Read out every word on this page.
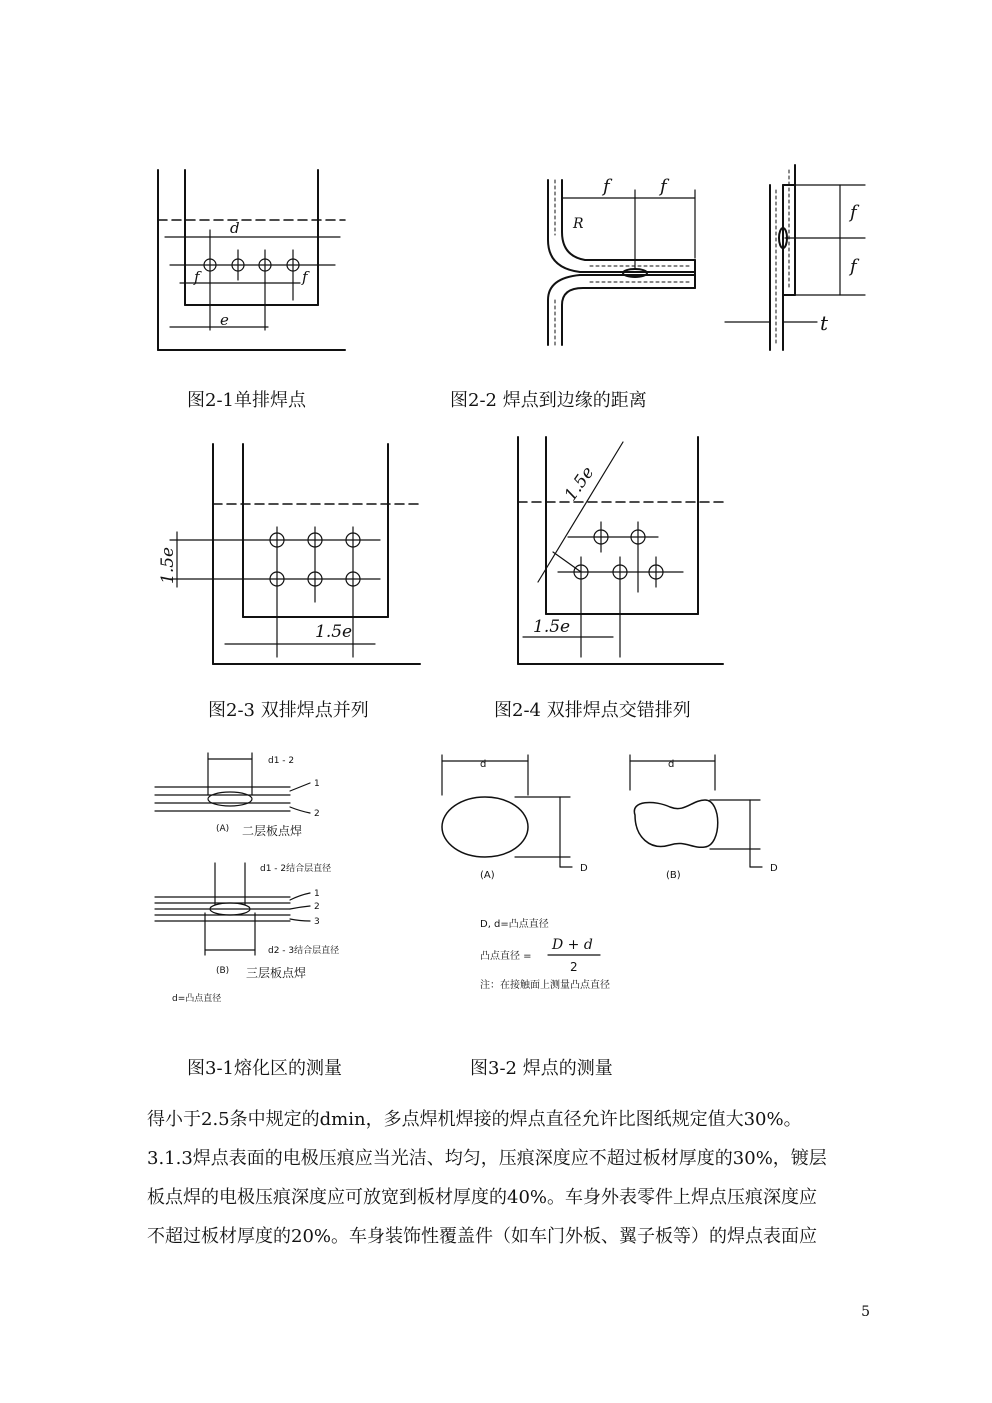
d
f	f
e
图2-1单排焊点
R
f	f
f
f
t
图2-2 焊点到边缘的距离
1.5e
1.5e
图2-3 双排焊点并列
1.5e
1.5e
图2-4 双排焊点交错排列
d1 - 2
1
2
(A) 二层板点焊
d1 - 2结合层直径
1
2
3
d2 - 3结合层直径
(B) 三层板点焊
d=凸点直径
图3-1熔化区的测量
d
D
(A)
d
D
(B)
D, d=凸点直径
凸点直径 =
D + d
2
注：在接触面上测量凸点直径
图3-2 焊点的测量
得小于2.5条中规定的dmin，多点焊机焊接的焊点直径允许比图纸规定值大30%。
3.1.3焊点表面的电极压痕应当光洁、均匀，压痕深度应不超过板材厚度的30%，镀层
板点焊的电极压痕深度应可放宽到板材厚度的40%。车身外表零件上焊点压痕深度应
不超过板材厚度的20%。车身装饰性覆盖件（如车门外板、翼子板等）的焊点表面应
5
